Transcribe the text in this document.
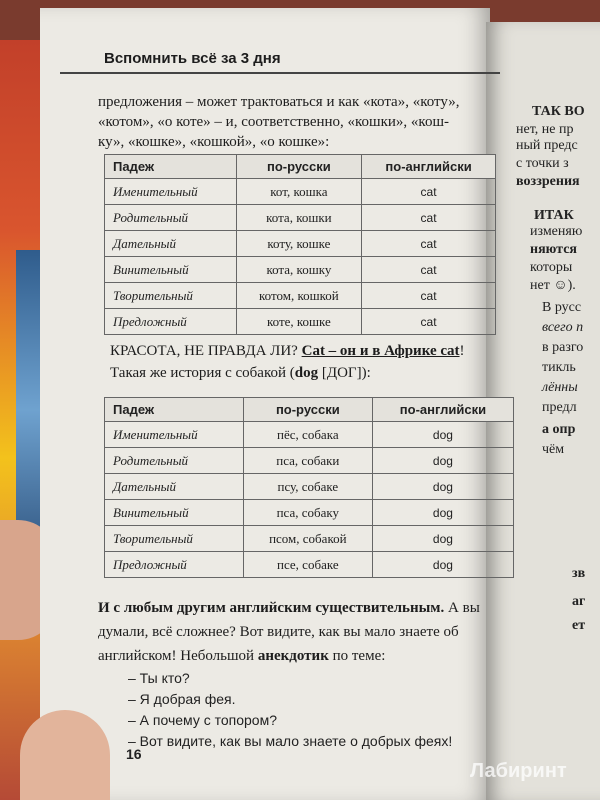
ТАК ВО
нет, не пр
ный предс
с точки з
воззрения
ИТАК
изменяю
няются
которы
нет ☺).
В русс
всего п
в разго
тикль
лённы
предл
а опр
чём
зв
аг
ет
Вспомнить всё за 3 дня
предложения – может трактоваться и как «кота», «коту»,
«котом», «о коте» – и, соответственно, «кошки», «кош-
ку», «кошке», «кошкой», «о кошке»:
Падеж	по-русски	по-английски
Именительный	кот, кошка	cat
Родительный	кота, кошки	cat
Дательный	коту, кошке	cat
Винительный	кота, кошку	cat
Творительный	котом, кошкой	cat
Предложный	коте, кошке	cat
КРАСОТА, НЕ ПРАВДА ЛИ? Cat – он и в Африке cat!
Такая же история с собакой (dog [ДОГ]):
Падеж	по-русски	по-английски
Именительный	пёс, собака	dog
Родительный	пса, собаки	dog
Дательный	псу, собаке	dog
Винительный	пса, собаку	dog
Творительный	псом, собакой	dog
Предложный	псе, собаке	dog
И с любым другим английским существительным. А вы думали, всё сложнее? Вот видите, как вы мало знаете об английском! Небольшой анекдотик по теме:
– Ты кто?
– Я добрая фея.
– А почему с топором?
– Вот видите, как вы мало знаете о добрых феях!
16
Лабиринт
